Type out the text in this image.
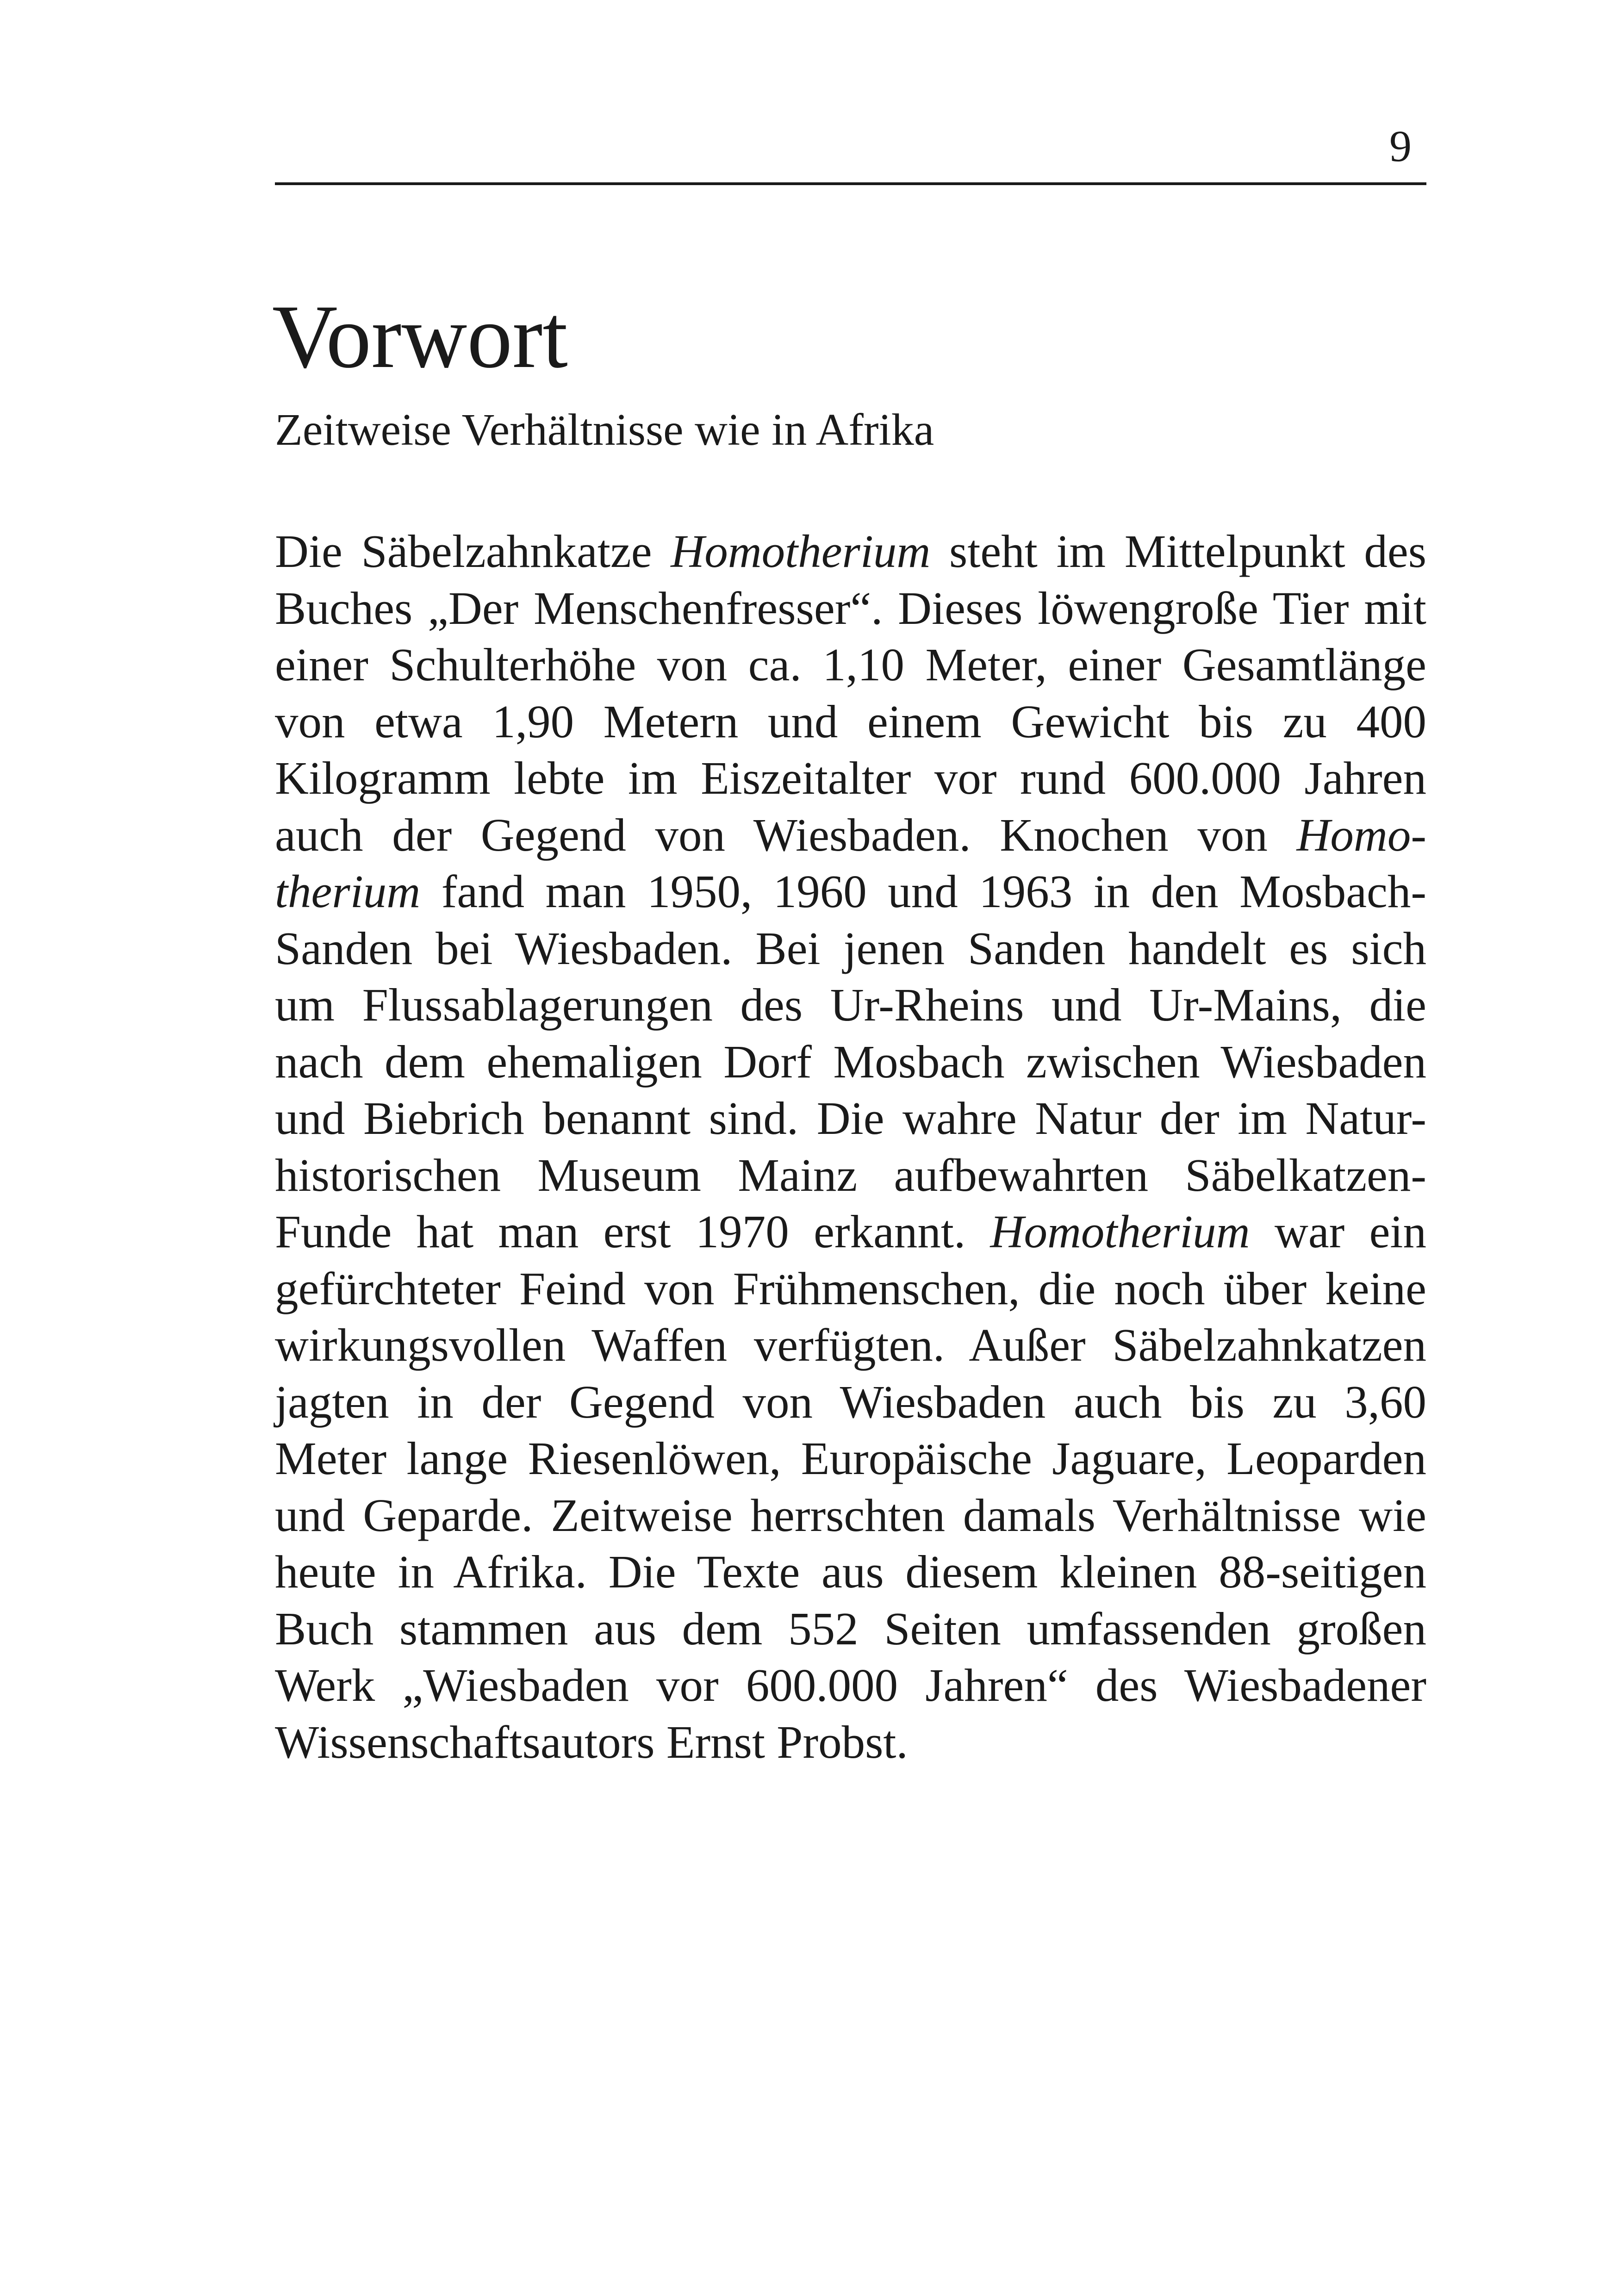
9
Vorwort
Zeitweise Verhältnisse wie in Afrika
Die Säbelzahnkatze Homotherium steht im Mittelpunkt des
Buches „Der Menschenfresser“. Dieses löwengroße Tier mit
einer Schulterhöhe von ca. 1,10 Meter, einer Gesamtlänge
von etwa 1,90 Metern und einem Gewicht bis zu 400
Kilogramm lebte im Eiszeitalter vor rund 600.000 Jahren
auch der Gegend von Wiesbaden. Knochen von Homo-
therium fand man 1950, 1960 und 1963 in den Mosbach-
Sanden bei Wiesbaden. Bei jenen Sanden handelt es sich
um Flussablagerungen des Ur-Rheins und Ur-Mains, die
nach dem ehemaligen Dorf Mosbach zwischen Wiesbaden
und Biebrich benannt sind. Die wahre Natur der im Natur-
historischen Museum Mainz aufbewahrten Säbelkatzen-
Funde hat man erst 1970 erkannt. Homotherium war ein
gefürchteter Feind von Frühmenschen, die noch über keine
wirkungsvollen Waffen verfügten. Außer Säbelzahnkatzen
jagten in der Gegend von Wiesbaden auch bis zu 3,60
Meter lange Riesenlöwen, Europäische Jaguare, Leoparden
und Geparde. Zeitweise herrschten damals Verhältnisse wie
heute in Afrika. Die Texte aus diesem kleinen 88-seitigen
Buch stammen aus dem 552 Seiten umfassenden großen
Werk „Wiesbaden vor 600.000 Jahren“ des Wiesbadener
Wissenschaftsautors Ernst Probst.
